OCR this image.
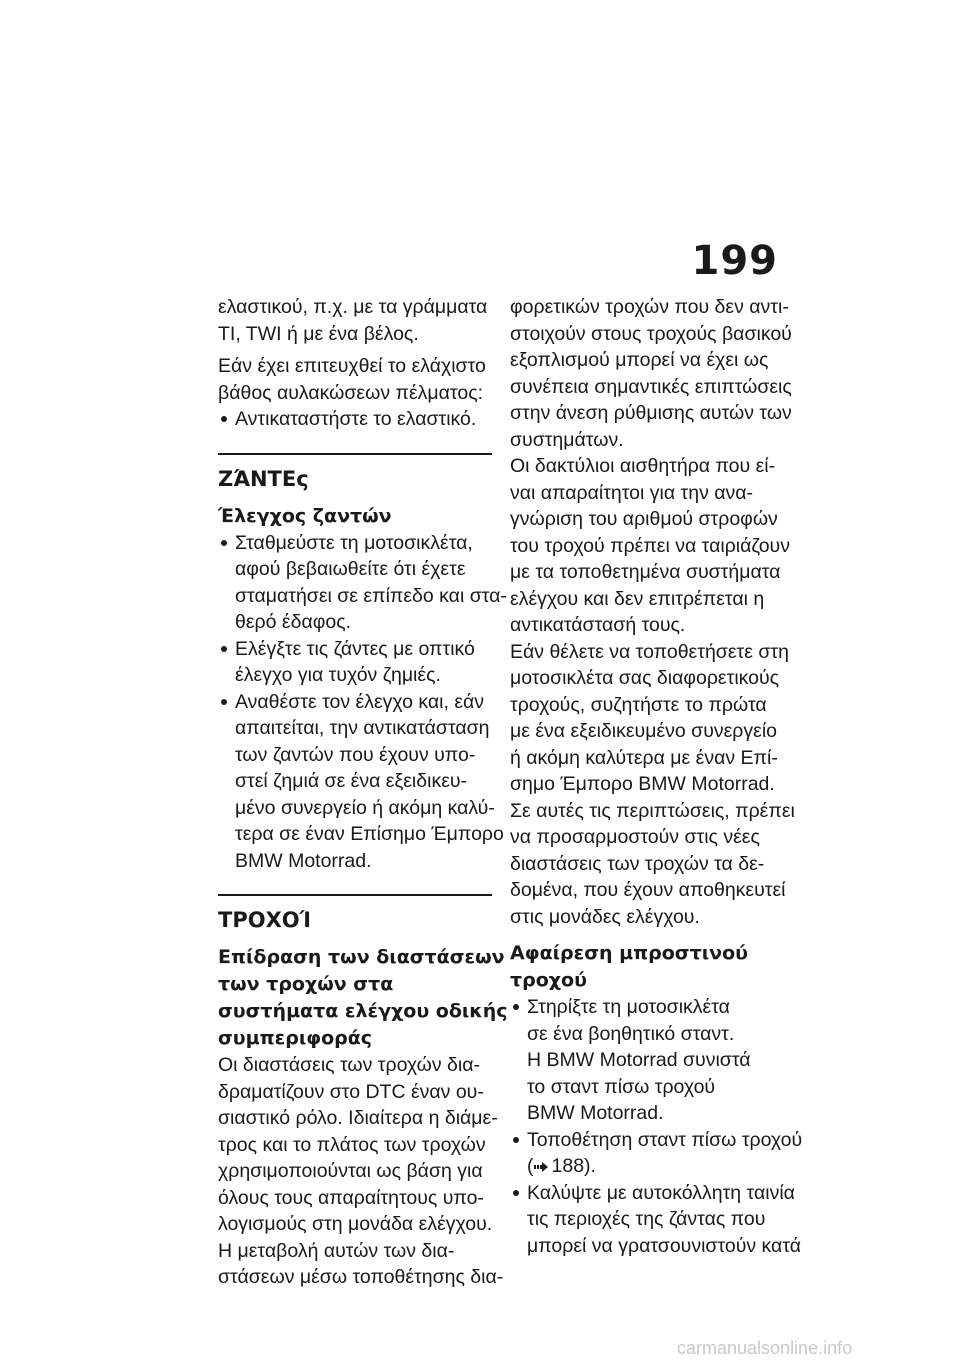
199
ελαστικού, π.χ. με τα γράμματα
TI, TWI ή με ένα βέλος.
Εάν έχει επιτευχθεί το ελάχιστο
βάθος αυλακώσεων πέλματος:
Αντικαταστήστε το ελαστικό.
ΖΆΝΤΕς
Έλεγχος ζαντών
Σταθμεύστε τη μοτοσικλέτα,
αφού βεβαιωθείτε ότι έχετε
σταματήσει σε επίπεδο και στα-
θερό έδαφος.
Ελέγξτε τις ζάντες με οπτικό
έλεγχο για τυχόν ζημιές.
Αναθέστε τον έλεγχο και, εάν
απαιτείται, την αντικατάσταση
των ζαντών που έχουν υπο-
στεί ζημιά σε ένα εξειδικευ-
μένο συνεργείο ή ακόμη καλύ-
τερα σε έναν Επίσημο Έμπορο
BMW Motorrad.
ΤΡΟΧΟΊ
Επίδραση των διαστάσεων
των τροχών στα
συστήματα ελέγχου οδικής
συμπεριφοράς
Οι διαστάσεις των τροχών δια-
δραματίζουν στο DTC έναν ου-
σιαστικό ρόλο. Ιδιαίτερα η διάμε-
τρος και το πλάτος των τροχών
χρησιμοποιούνται ως βάση για
όλους τους απαραίτητους υπο-
λογισμούς στη μονάδα ελέγχου.
Η μεταβολή αυτών των δια-
στάσεων μέσω τοποθέτησης δια-
φορετικών τροχών που δεν αντι-
στοιχούν στους τροχούς βασικού
εξοπλισμού μπορεί να έχει ως
συνέπεια σημαντικές επιπτώσεις
στην άνεση ρύθμισης αυτών των
συστημάτων.
Οι δακτύλιοι αισθητήρα που εί-
ναι απαραίτητοι για την ανα-
γνώριση του αριθμού στροφών
του τροχού πρέπει να ταιριάζουν
με τα τοποθετημένα συστήματα
ελέγχου και δεν επιτρέπεται η
αντικατάστασή τους.
Εάν θέλετε να τοποθετήσετε στη
μοτοσικλέτα σας διαφορετικούς
τροχούς, συζητήστε το πρώτα
με ένα εξειδικευμένο συνεργείο
ή ακόμη καλύτερα με έναν Επί-
σημο Έμπορο BMW Motorrad.
Σε αυτές τις περιπτώσεις, πρέπει
να προσαρμοστούν στις νέες
διαστάσεις των τροχών τα δε-
δομένα, που έχουν αποθηκευτεί
στις μονάδες ελέγχου.
Αφαίρεση μπροστινού
τροχού
Στηρίξτε τη μοτοσικλέτα
σε ένα βοηθητικό σταντ.
Η BMW Motorrad συνιστά
το σταντ πίσω τροχού
BMW Motorrad.
Τοποθέτηση σταντ πίσω τροχού
( 188).
Καλύψτε με αυτοκόλλητη ταινία
τις περιοχές της ζάντας που
μπορεί να γρατσουνιστούν κατά
carmanualsonline.info
